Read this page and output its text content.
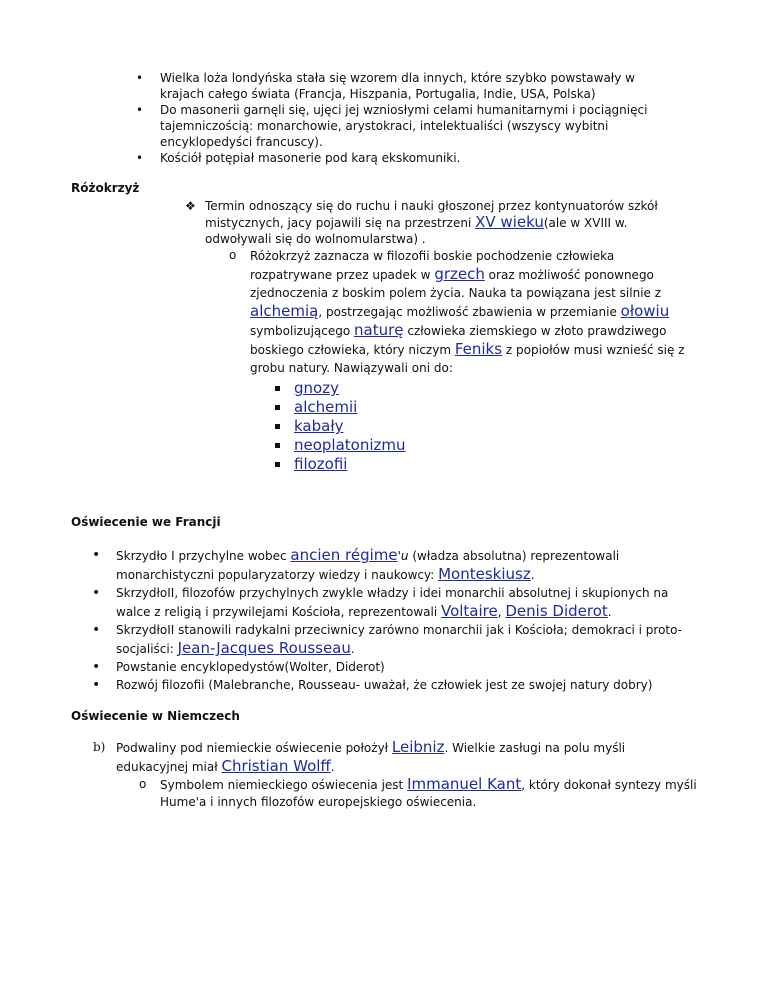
•	Wielka loża londyńska stała się wzorem dla innych, które szybko powstawały w krajach całego świata (Francja, Hiszpania, Portugalia, Indie, USA, Polska)
•	Do masonerii garnęli się, ujęci jej wzniosłymi celami humanitarnymi i pociągnięci tajemniczością: monarchowie, arystokraci, intelektualiści (wszyscy wybitni encyklopedyści francuscy).
•	Kościół potępiał masonerie pod karą ekskomuniki.
Różokrzyż
❖ Termin odnoszący się do ruchu i nauki głoszonej przez kontynuatorów szkół mistycznych, jacy pojawili się na przestrzeni XV wieku(ale w XVIII w. odwoływali się do wolnomularstwa) .
o	Różokrzyż zaznacza w filozofii boskie pochodzenie człowieka rozpatrywane przez upadek w grzech oraz możliwość ponownego zjednoczenia z boskim polem życia. Nauka ta powiązana jest silnie z alchemią, postrzegając możliwość zbawienia w przemianie ołowiu symbolizującego naturę człowieka ziemskiego w złoto prawdziwego boskiego człowieka, który niczym Feniks z popiołów musi wznieść się z grobu natury. Nawiązywali oni do:
gnozy
alchemii
kabały
neoplatonizmu
filozofii
Oświecenie we Francji
•	Skrzydło I przychylne wobec ancien régime'u (władza absolutna) reprezentowali monarchistyczni popularyzatorzy wiedzy i naukowcy: Monteskiusz.
•	SkrzydłoII, filozofów przychylnych zwykle władzy i idei monarchii absolutnej i skupionych na walce z religią i przywilejami Kościoła, reprezentowali Voltaire, Denis Diderot.
•	SkrzydłoII stanowili radykalni przeciwnicy zarówno monarchii jak i Kościoła; demokraci i proto-socjaliści: Jean-Jacques Rousseau.
•	Powstanie encyklopedystów(Wolter, Diderot)
•	Rozwój filozofii (Malebranche, Rousseau- uważał, że człowiek jest ze swojej natury dobry)
Oświecenie w Niemczech
b) Podwaliny pod niemieckie oświecenie położył Leibniz. Wielkie zasługi na polu myśli edukacyjnej miał Christian Wolff.
o	Symbolem niemieckiego oświecenia jest Immanuel Kant, który dokonał syntezy myśli Hume'a i innych filozofów europejskiego oświecenia.
